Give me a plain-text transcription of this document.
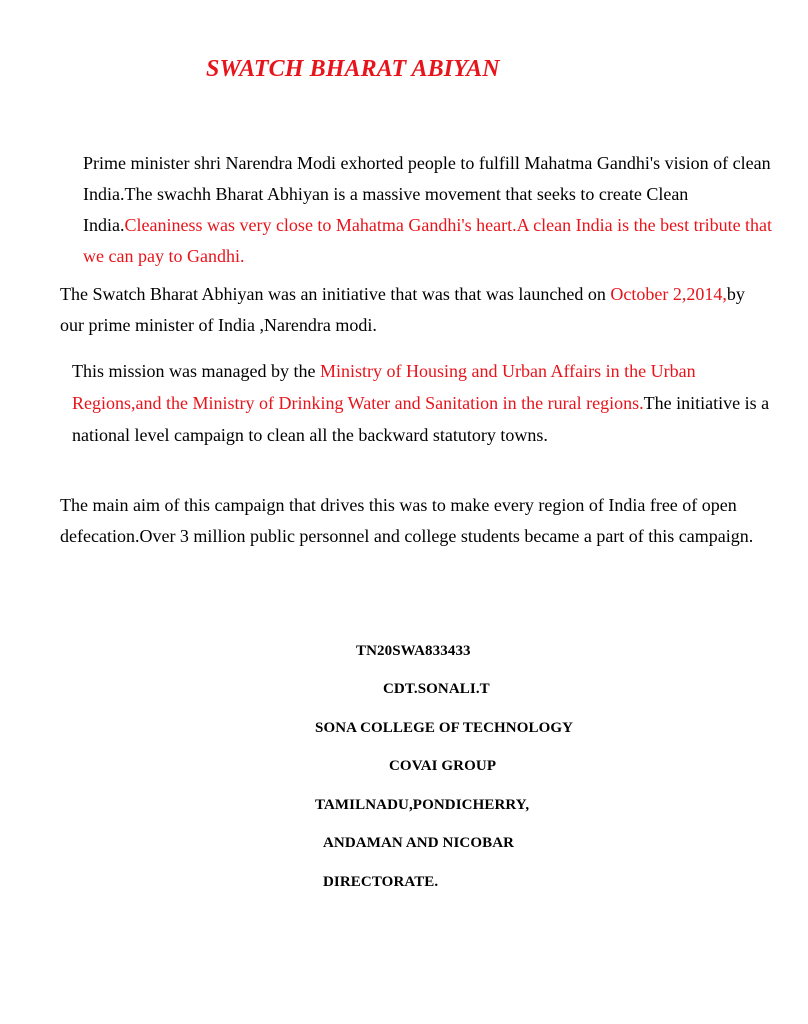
SWATCH BHARAT ABIYAN

Prime minister shri Narendra Modi exhorted people to fulfill Mahatma Gandhi's vision of clean India.The swachh Bharat Abhiyan is a massive movement that seeks to create Clean India.Cleaniness was very close to Mahatma Gandhi's heart.A clean India is the best tribute that we can pay to Gandhi.

The Swatch Bharat Abhiyan was an initiative that was that was launched on October 2,2014,by our prime minister of India ,Narendra modi.

This mission was managed by the Ministry of Housing and Urban Affairs in the Urban Regions,and the Ministry of Drinking Water and Sanitation in the rural regions.The initiative is a national level campaign to clean all the backward statutory towns.

The main aim of this campaign that drives this was to make every region of India free of open defecation.Over 3 million public personnel and college students became a part of this campaign.

TN20SWA833433
CDT.SONALI.T
SONA COLLEGE OF TECHNOLOGY
COVAI GROUP
TAMILNADU,PONDICHERRY,
ANDAMAN AND NICOBAR
DIRECTORATE.
